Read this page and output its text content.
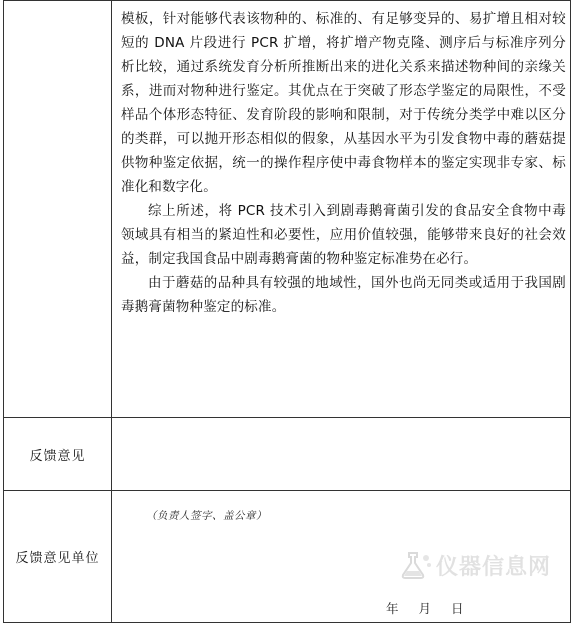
	模板，针对能够代表该物种的、标准的、有足够变异的、易扩增且相对较短的 DNA 片段进行 PCR 扩增，将扩增产物克隆、测序后与标准序列分析比较，通过系统发育分析所推断出来的进化关系来描述物种间的亲缘关系，进而对物种进行鉴定。其优点在于突破了形态学鉴定的局限性，不受样品个体形态特征、发育阶段的影响和限制，对于传统分类学中难以区分的类群，可以抛开形态相似的假象，从基因水平为引发食物中毒的蘑菇提供物种鉴定依据，统一的操作程序使中毒食物样本的鉴定实现非专家、标准化和数字化。

综上所述，将 PCR 技术引入到剧毒鹅膏菌引发的食品安全食物中毒领域具有相当的紧迫性和必要性，应用价值较强，能够带来良好的社会效益，制定我国食品中剧毒鹅膏菌的物种鉴定标准势在必行。

由于蘑菇的品种具有较强的地域性，国外也尚无同类或适用于我国剧毒鹅膏菌物种鉴定的标准。

反馈意见	
反馈意见单位	（负责人签字、盖公章）
仪器信息网
年 月 日
